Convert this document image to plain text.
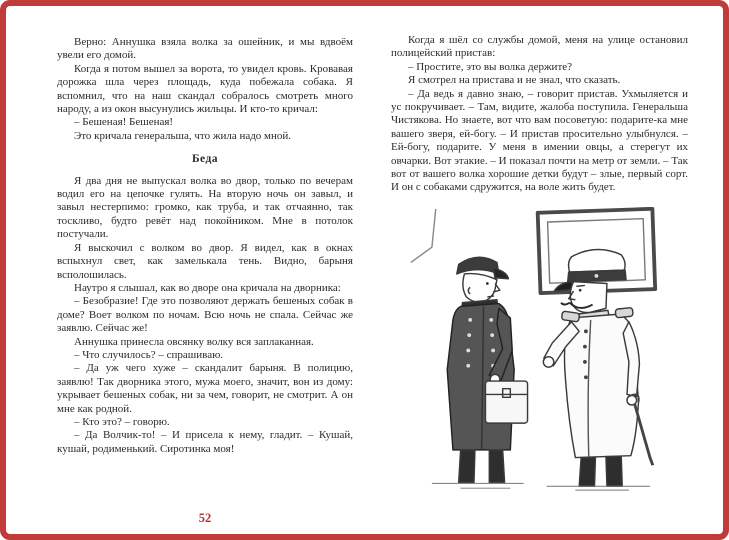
Верно: Аннушка взяла волка за ошейник, и мы вдвоём увели его домой.

Когда я потом вышел за ворота, то увидел кровь. Кровавая дорожка шла через площадь, куда побежала собака. Я вспомнил, что на наш скандал собралось смотреть много народу, а из окон высунулись жильцы. И кто-то кричал:

– Бешеная! Бешеная!

Это кричала генеральша, что жила надо мной.

Беда

Я два дня не выпускал волка во двор, только по вечерам водил его на цепочке гулять. На вторую ночь он завыл, и завыл нестерпимо: громко, как труба, и так отчаянно, так тоскливо, будто ревёт над покойником. Мне в потолок постучали.

Я выскочил с волком во двор. Я видел, как в окнах вспыхнул свет, как замелькала тень. Видно, барыня всполошилась.

Наутро я слышал, как во дворе она кричала на дворника:

– Безобразие! Где это позволяют держать бешеных собак в доме? Воет волком по ночам. Всю ночь не спала. Сейчас же заявлю. Сейчас же!

Аннушка принесла овсянку волку вся заплаканная.

– Что случилось? – спрашиваю.

– Да уж чего хуже – скандалит барыня. В полицию, заявлю! Так дворника этого, мужа моего, значит, вон из дому: укрывает бешеных собак, ни за чем, говорит, не смотрит. А он мне как родной.

– Кто это? – говорю.

– Да Волчик-то! – И присела к нему, гладит. – Кушай, кушай, родименький. Сиротинка моя!

52

Когда я шёл со службы домой, меня на улице остановил полицейский пристав:

– Простите, это вы волка держите?

Я смотрел на пристава и не знал, что сказать.

– Да ведь я давно знаю, – говорит пристав. Ухмыляется и ус покручивает. – Там, видите, жалоба поступила. Генеральша Чистякова. Но знаете, вот что вам посоветую: подарите-ка мне вашего зверя, ей-богу. – И пристав просительно улыбнулся. – Ей-богу, подарите. У меня в имении овцы, а стерегут их овчарки. Вот этакие. – И показал почти на метр от земли. – Так вот от вашего волка хорошие детки будут – злые, первый сорт. И он с собаками сдружится, на воле жить будет.
